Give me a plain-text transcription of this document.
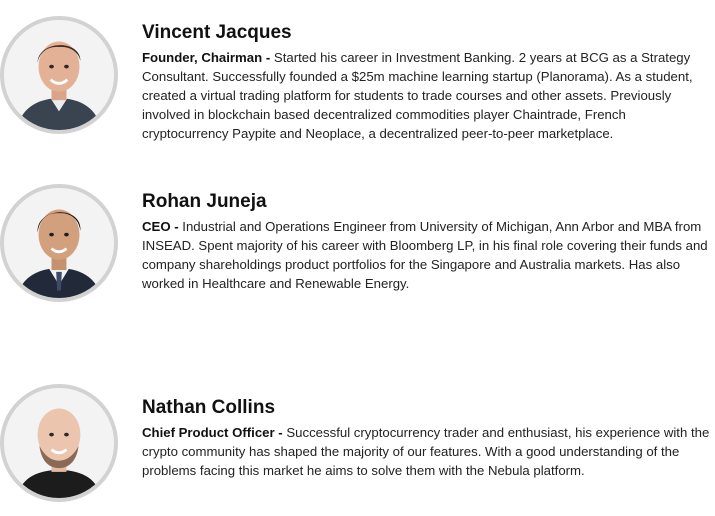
Vincent Jacques

Founder, Chairman - Started his career in Investment Banking. 2 years at BCG as a Strategy Consultant. Successfully founded a $25m machine learning startup (Planorama). As a student, created a virtual trading platform for students to trade courses and other assets. Previously involved in blockchain based decentralized commodities player Chaintrade, French cryptocurrency Paypite and Neoplace, a decentralized peer-to-peer marketplace.

Rohan Juneja

CEO - Industrial and Operations Engineer from University of Michigan, Ann Arbor and MBA from INSEAD. Spent majority of his career with Bloomberg LP, in his final role covering their funds and company shareholdings product portfolios for the Singapore and Australia markets. Has also worked in Healthcare and Renewable Energy.

Nathan Collins

Chief Product Officer - Successful cryptocurrency trader and enthusiast, his experience with the crypto community has shaped the majority of our features. With a good understanding of the problems facing this market he aims to solve them with the Nebula platform.
